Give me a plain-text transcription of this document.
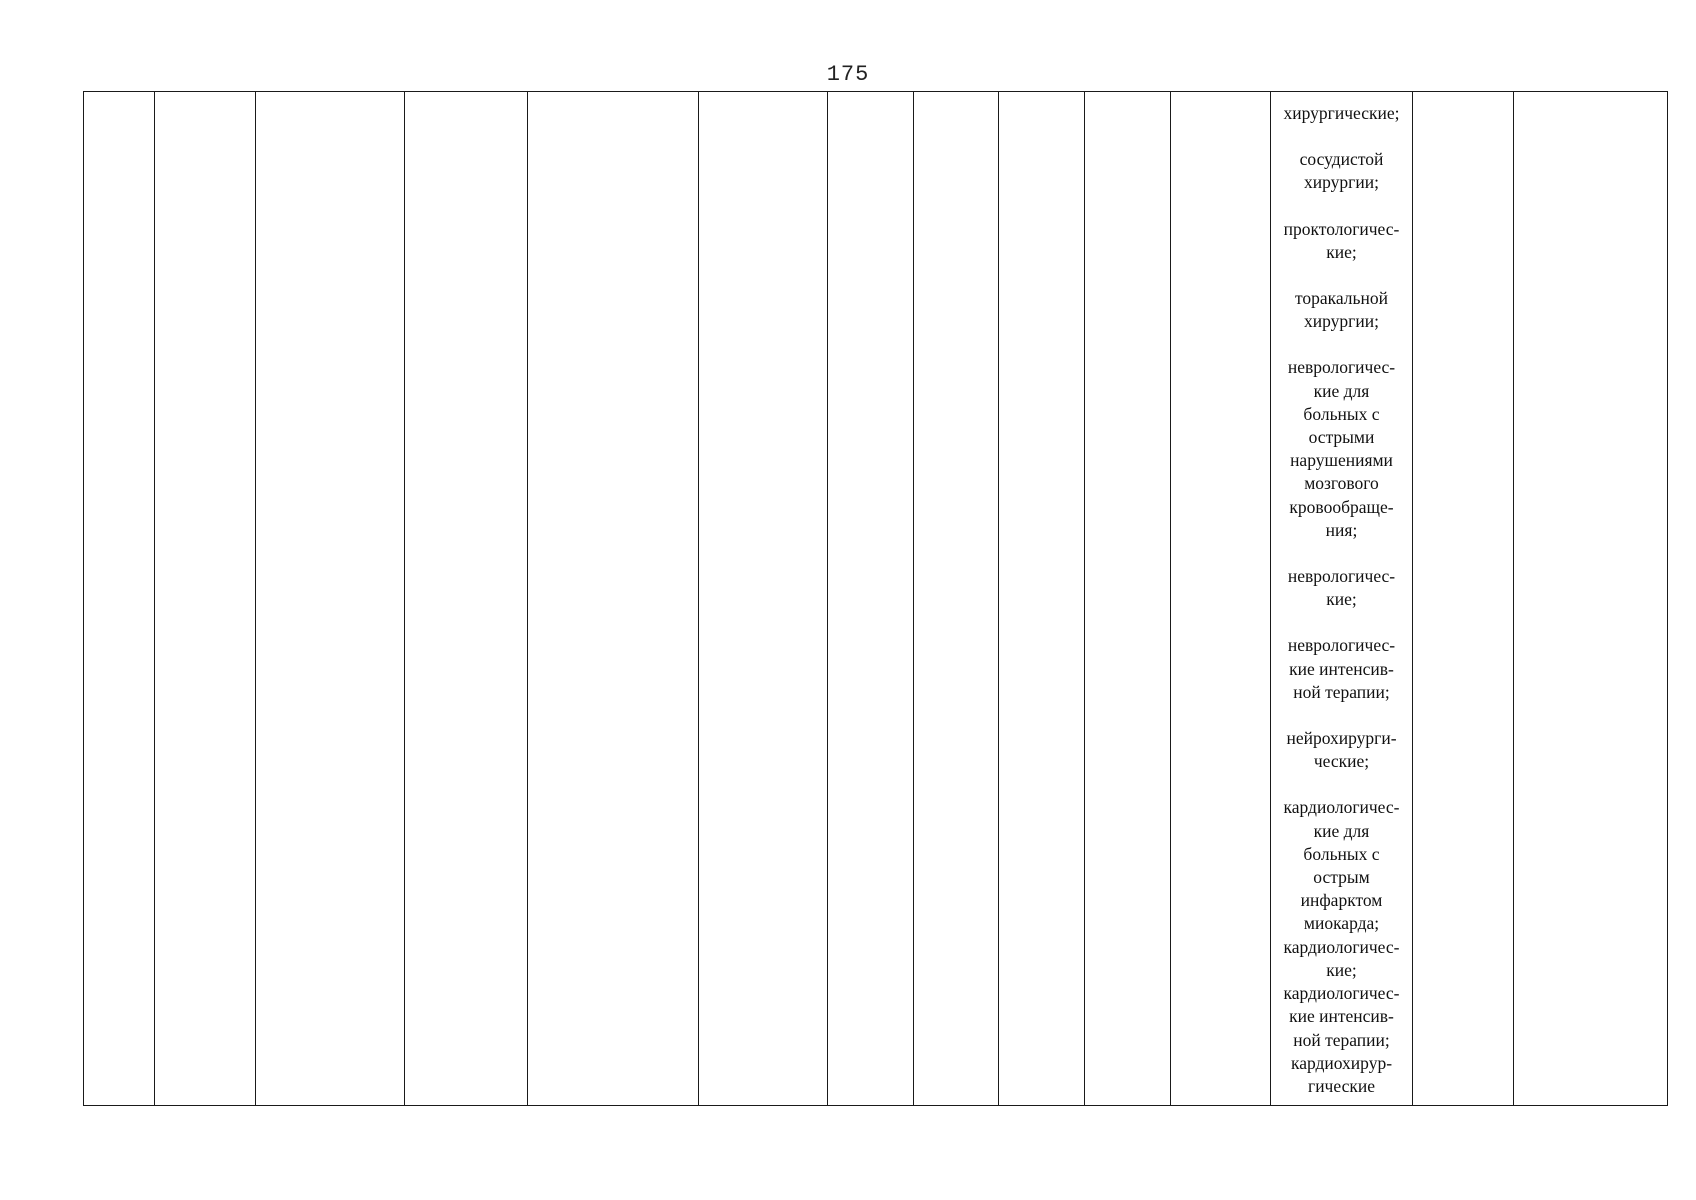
175

хирургические;
сосудистой
хирургии;
проктологичес-
кие;
торакальной
хирургии;
неврологичес-
кие для
больных с
острыми
нарушениями
мозгового
кровообраще-
ния;
неврологичес-
кие;
неврологичес-
кие интенсив-
ной терапии;
нейрохирурги-
ческие;
кардиологичес-
кие для
больных с
острым
инфарктом
миокарда;
кардиологичес-
кие;
кардиологичес-
кие интенсив-
ной терапии;
кардиохирур-
гические
